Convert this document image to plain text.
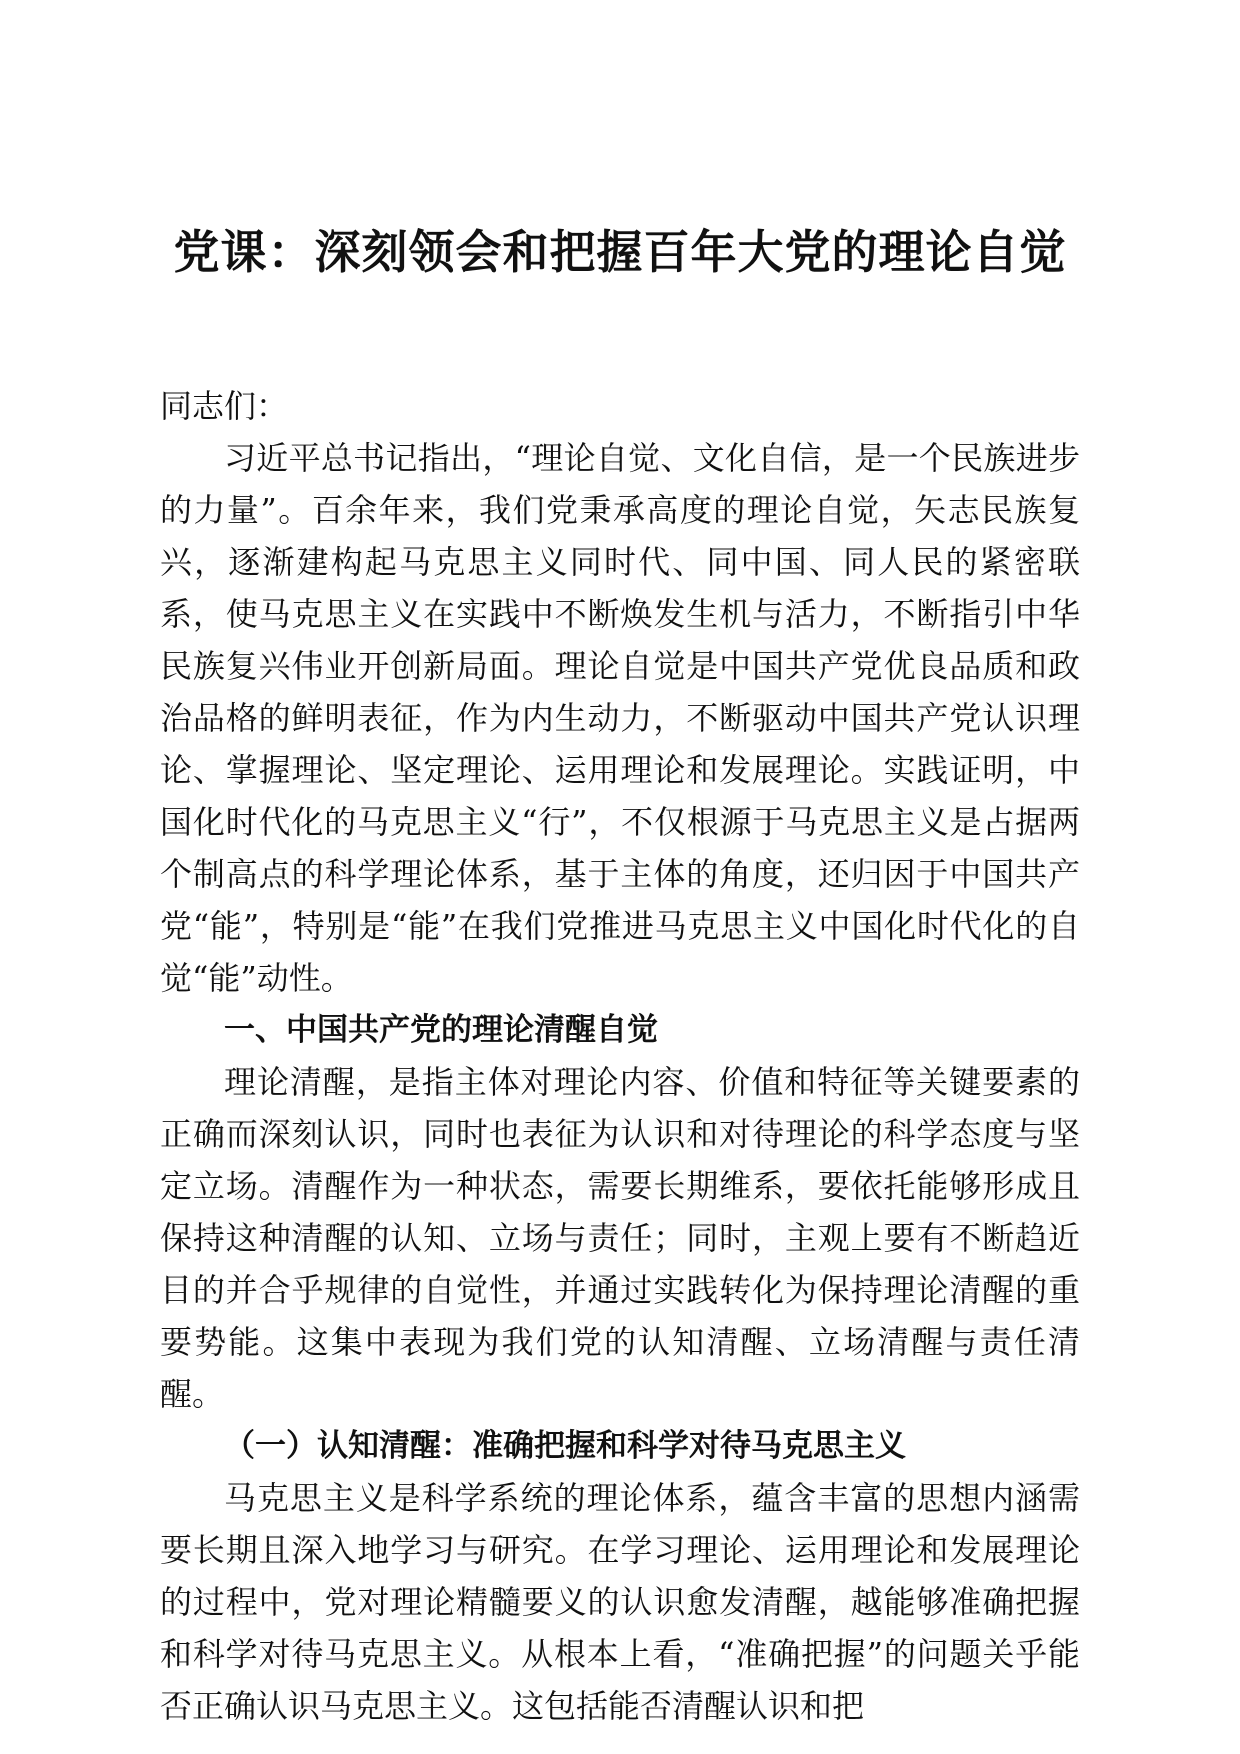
党课：深刻领会和把握百年大党的理论自觉

同志们：

习近平总书记指出，“理论自觉、文化自信，是一个民族进步的力量”。百余年来，我们党秉承高度的理论自觉，矢志民族复兴，逐渐建构起马克思主义同时代、同中国、同人民的紧密联系，使马克思主义在实践中不断焕发生机与活力，不断指引中华民族复兴伟业开创新局面。理论自觉是中国共产党优良品质和政治品格的鲜明表征，作为内生动力，不断驱动中国共产党认识理论、掌握理论、坚定理论、运用理论和发展理论。实践证明，中国化时代化的马克思主义“行”，不仅根源于马克思主义是占据两个制高点的科学理论体系，基于主体的角度，还归因于中国共产党“能”，特别是“能”在我们党推进马克思主义中国化时代化的自觉“能”动性。

一、中国共产党的理论清醒自觉

理论清醒，是指主体对理论内容、价值和特征等关键要素的正确而深刻认识，同时也表征为认识和对待理论的科学态度与坚定立场。清醒作为一种状态，需要长期维系，要依托能够形成且保持这种清醒的认知、立场与责任；同时，主观上要有不断趋近目的并合乎规律的自觉性，并通过实践转化为保持理论清醒的重要势能。这集中表现为我们党的认知清醒、立场清醒与责任清醒。

（一）认知清醒：准确把握和科学对待马克思主义

马克思主义是科学系统的理论体系，蕴含丰富的思想内涵需要长期且深入地学习与研究。在学习理论、运用理论和发展理论的过程中，党对理论精髓要义的认识愈发清醒，越能够准确把握和科学对待马克思主义。从根本上看，“准确把握”的问题关乎能否正确认识马克思主义。这包括能否清醒认识和把
